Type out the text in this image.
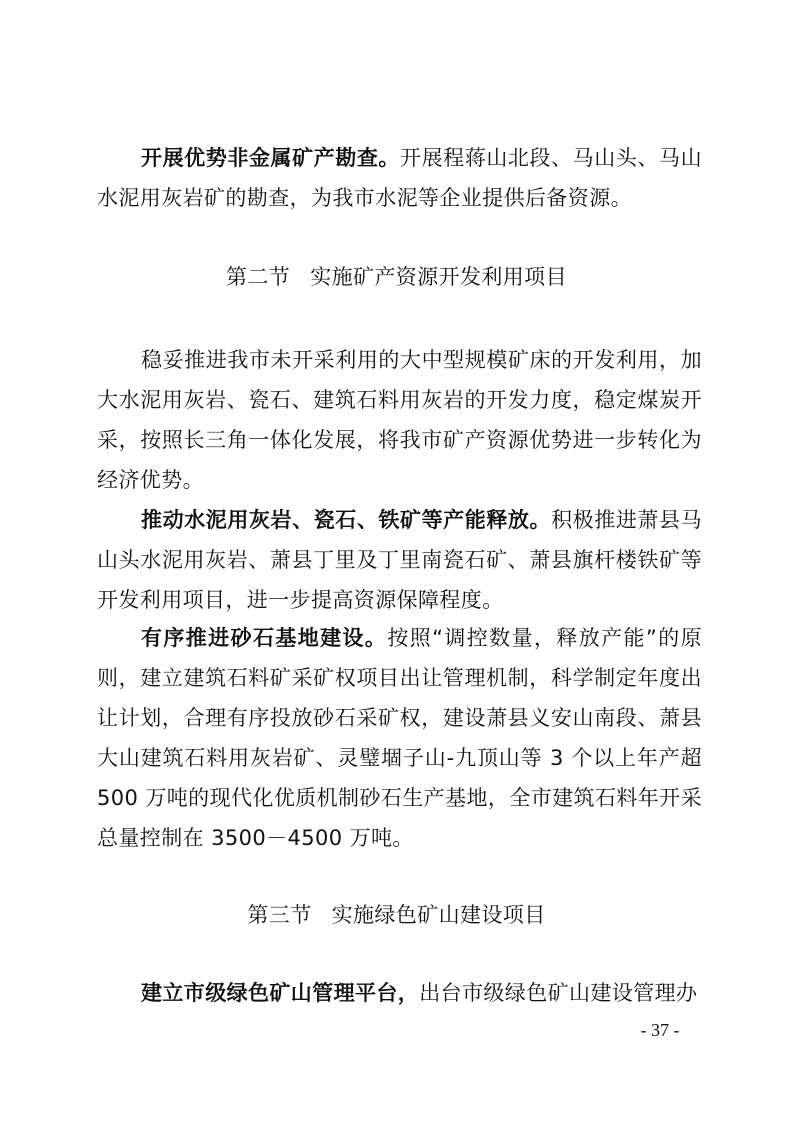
开展优势非金属矿产勘查。开展程蒋山北段、马山头、马山水泥用灰岩矿的勘查，为我市水泥等企业提供后备资源。

第二节 实施矿产资源开发利用项目

稳妥推进我市未开采利用的大中型规模矿床的开发利用，加大水泥用灰岩、瓷石、建筑石料用灰岩的开发力度，稳定煤炭开采，按照长三角一体化发展，将我市矿产资源优势进一步转化为经济优势。

推动水泥用灰岩、瓷石、铁矿等产能释放。积极推进萧县马山头水泥用灰岩、萧县丁里及丁里南瓷石矿、萧县旗杆楼铁矿等开发利用项目，进一步提高资源保障程度。

有序推进砂石基地建设。按照“调控数量，释放产能”的原则，建立建筑石料矿采矿权项目出让管理机制，科学制定年度出让计划，合理有序投放砂石采矿权，建设萧县义安山南段、萧县大山建筑石料用灰岩矿、灵璧堌子山-九顶山等 3 个以上年产超 500 万吨的现代化优质机制砂石生产基地，全市建筑石料年开采总量控制在 3500－4500 万吨。

第三节 实施绿色矿山建设项目

建立市级绿色矿山管理平台，出台市级绿色矿山建设管理办

- 37 -
